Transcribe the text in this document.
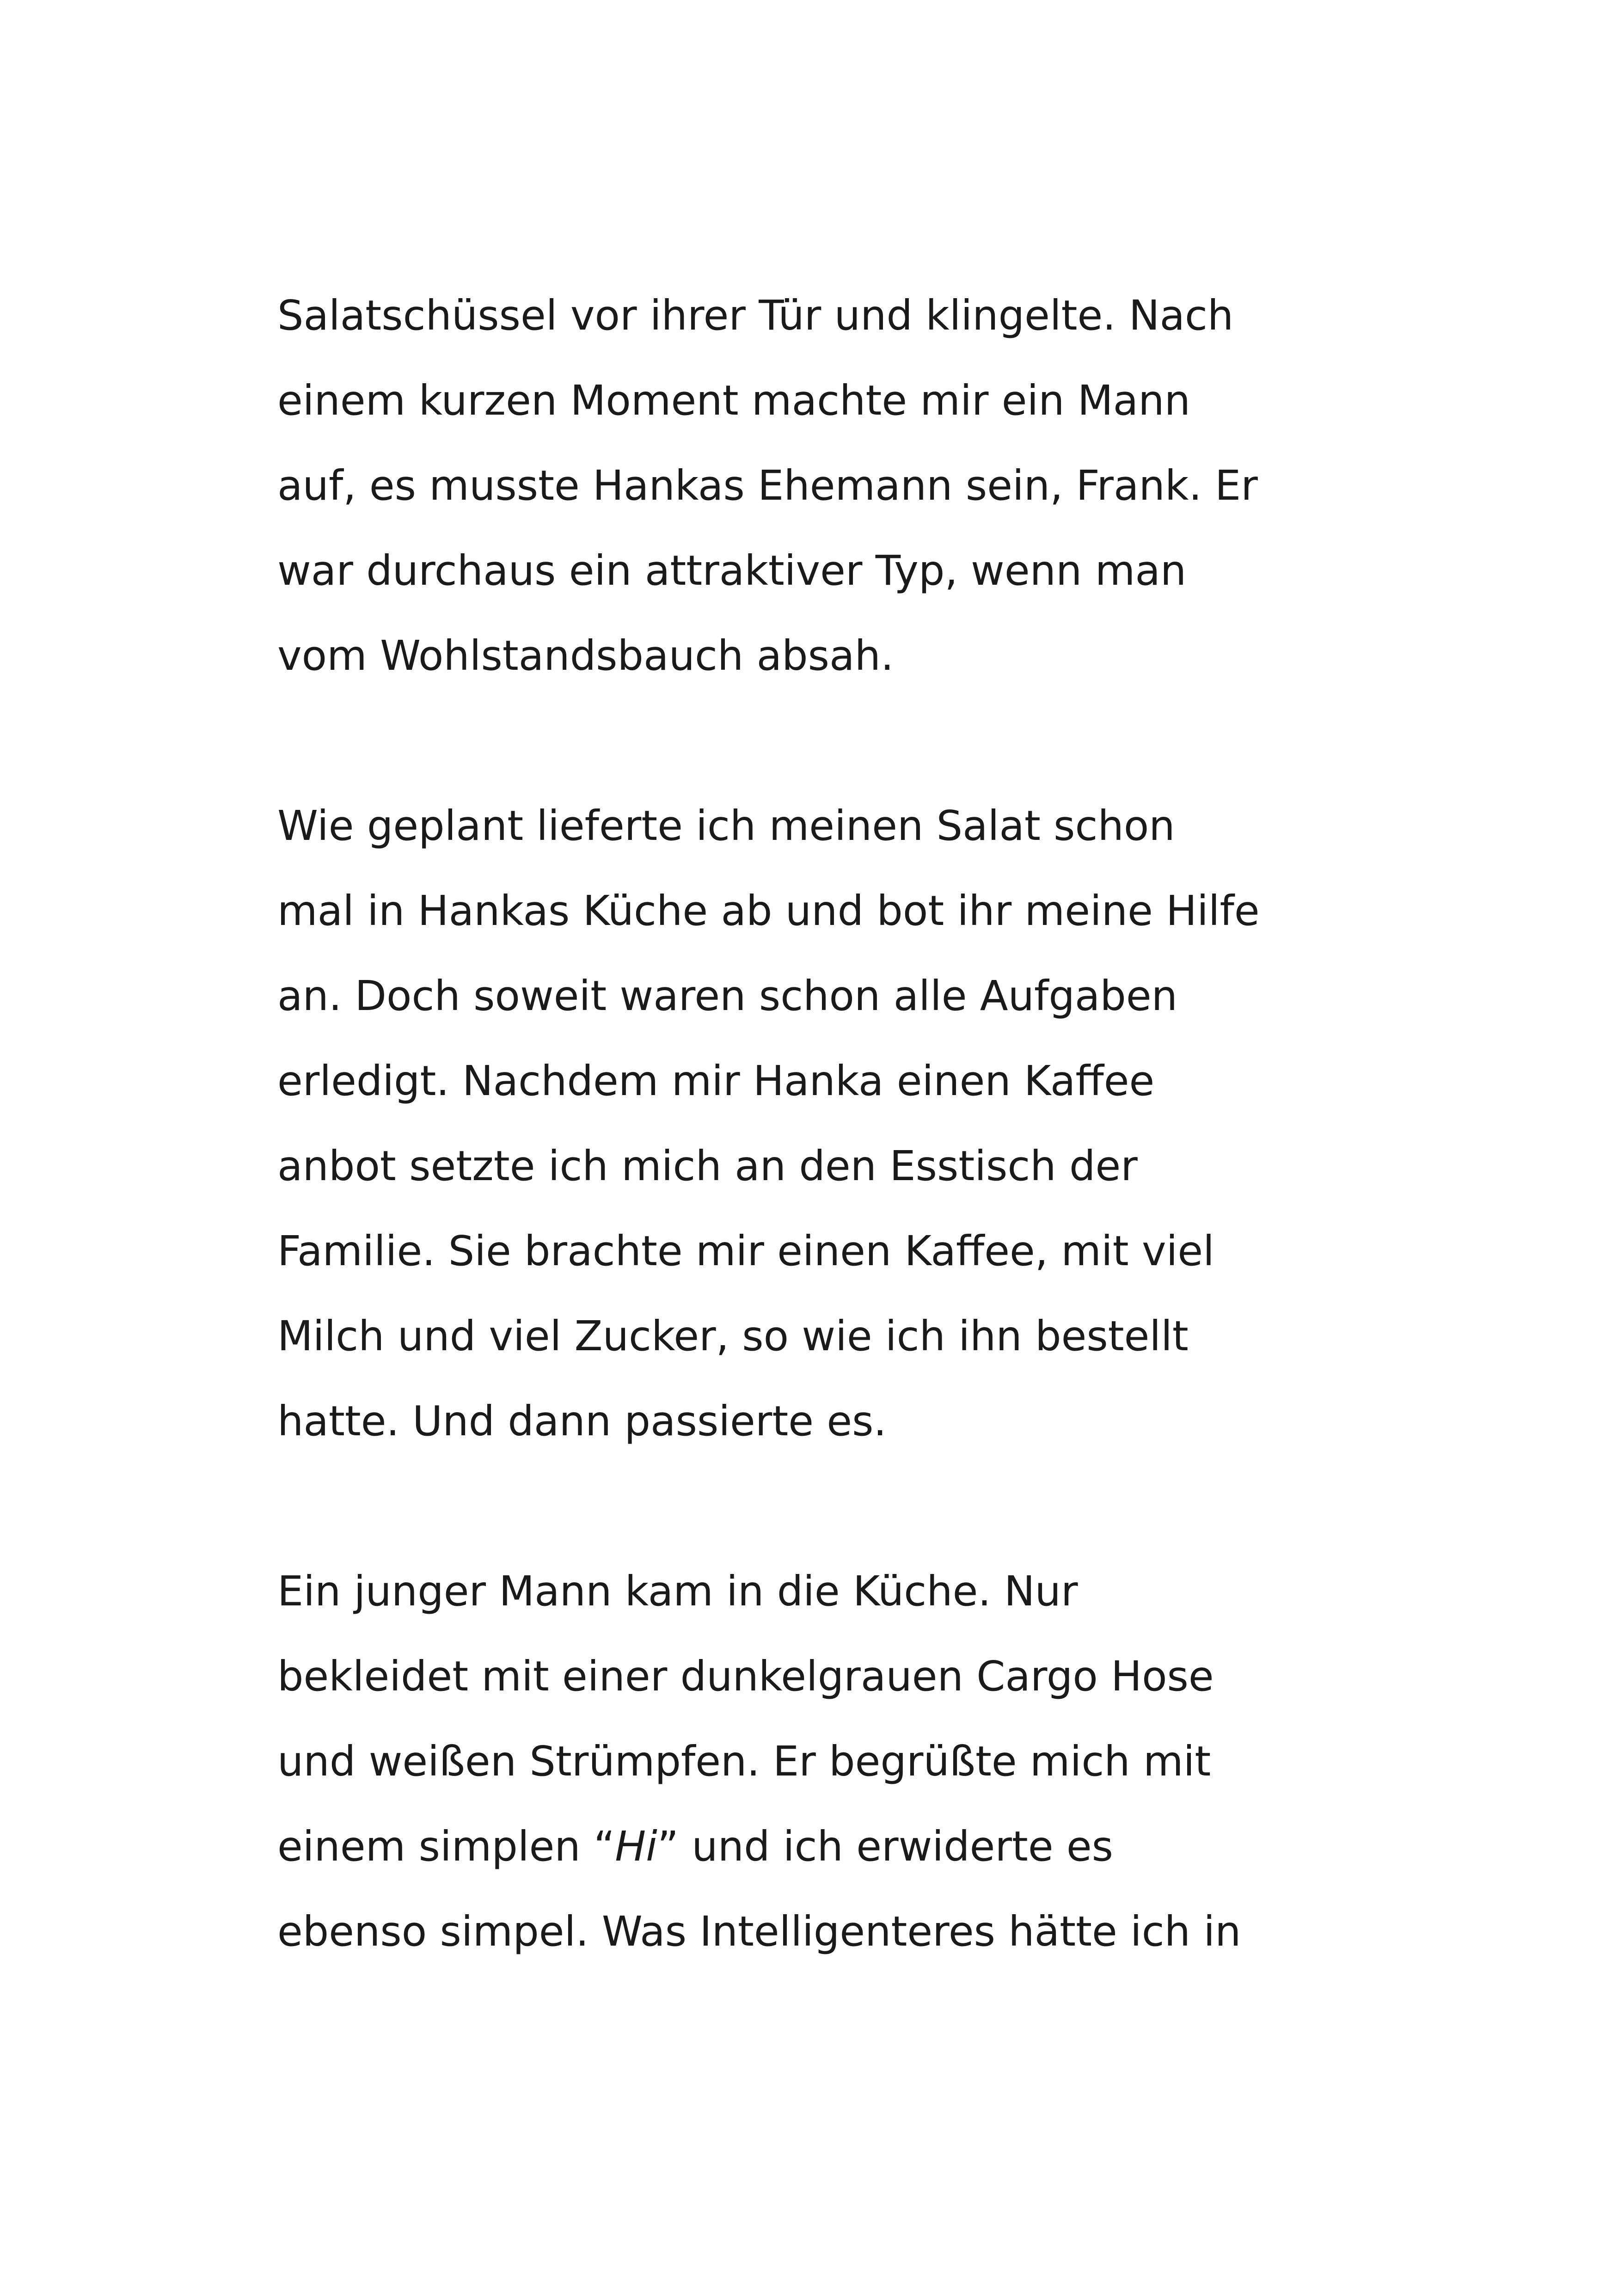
Salatschüssel vor ihrer Tür und klingelte. Nach
einem kurzen Moment machte mir ein Mann
auf, es musste Hankas Ehemann sein, Frank. Er
war durchaus ein attraktiver Typ, wenn man
vom Wohlstandsbauch absah.

Wie geplant lieferte ich meinen Salat schon
mal in Hankas Küche ab und bot ihr meine Hilfe
an. Doch soweit waren schon alle Aufgaben
erledigt. Nachdem mir Hanka einen Kaffee
anbot setzte ich mich an den Esstisch der
Familie. Sie brachte mir einen Kaffee, mit viel
Milch und viel Zucker, so wie ich ihn bestellt
hatte. Und dann passierte es.

Ein junger Mann kam in die Küche. Nur
bekleidet mit einer dunkelgrauen Cargo Hose
und weißen Strümpfen. Er begrüßte mich mit
einem simplen “Hi” und ich erwiderte es
ebenso simpel. Was Intelligenteres hätte ich in
